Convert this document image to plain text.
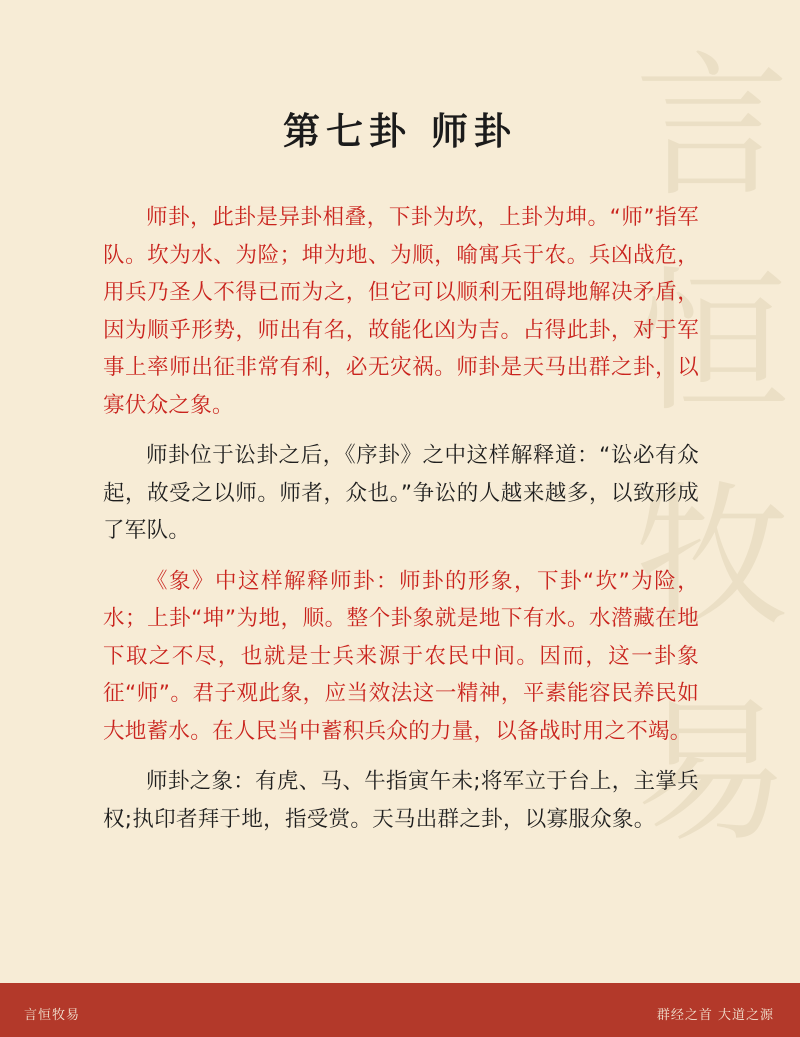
言
恒
牧
易
第七卦 师卦

师卦，此卦是异卦相叠，下卦为坎，上卦为坤。“师”指军队。坎为水、为险；坤为地、为顺，喻寓兵于农。兵凶战危，用兵乃圣人不得已而为之，但它可以顺利无阻碍地解决矛盾，因为顺乎形势，师出有名，故能化凶为吉。占得此卦，对于军事上率师出征非常有利，必无灾祸。师卦是天马出群之卦，以寡伏众之象。

师卦位于讼卦之后，《序卦》之中这样解释道：“讼必有众起，故受之以师。师者，众也。”争讼的人越来越多，以致形成了军队。

《象》中这样解释师卦：师卦的形象，下卦“坎”为险，水；上卦“坤”为地，顺。整个卦象就是地下有水。水潜藏在地下取之不尽，也就是士兵来源于农民中间。因而，这一卦象征“师”。君子观此象，应当效法这一精神，平素能容民养民如大地蓄水。在人民当中蓄积兵众的力量，以备战时用之不竭。

师卦之象：有虎、马、牛指寅午未;将军立于台上，主掌兵权;执印者拜于地，指受赏。天马出群之卦，以寡服众象。

言恒牧易	群经之首 大道之源
